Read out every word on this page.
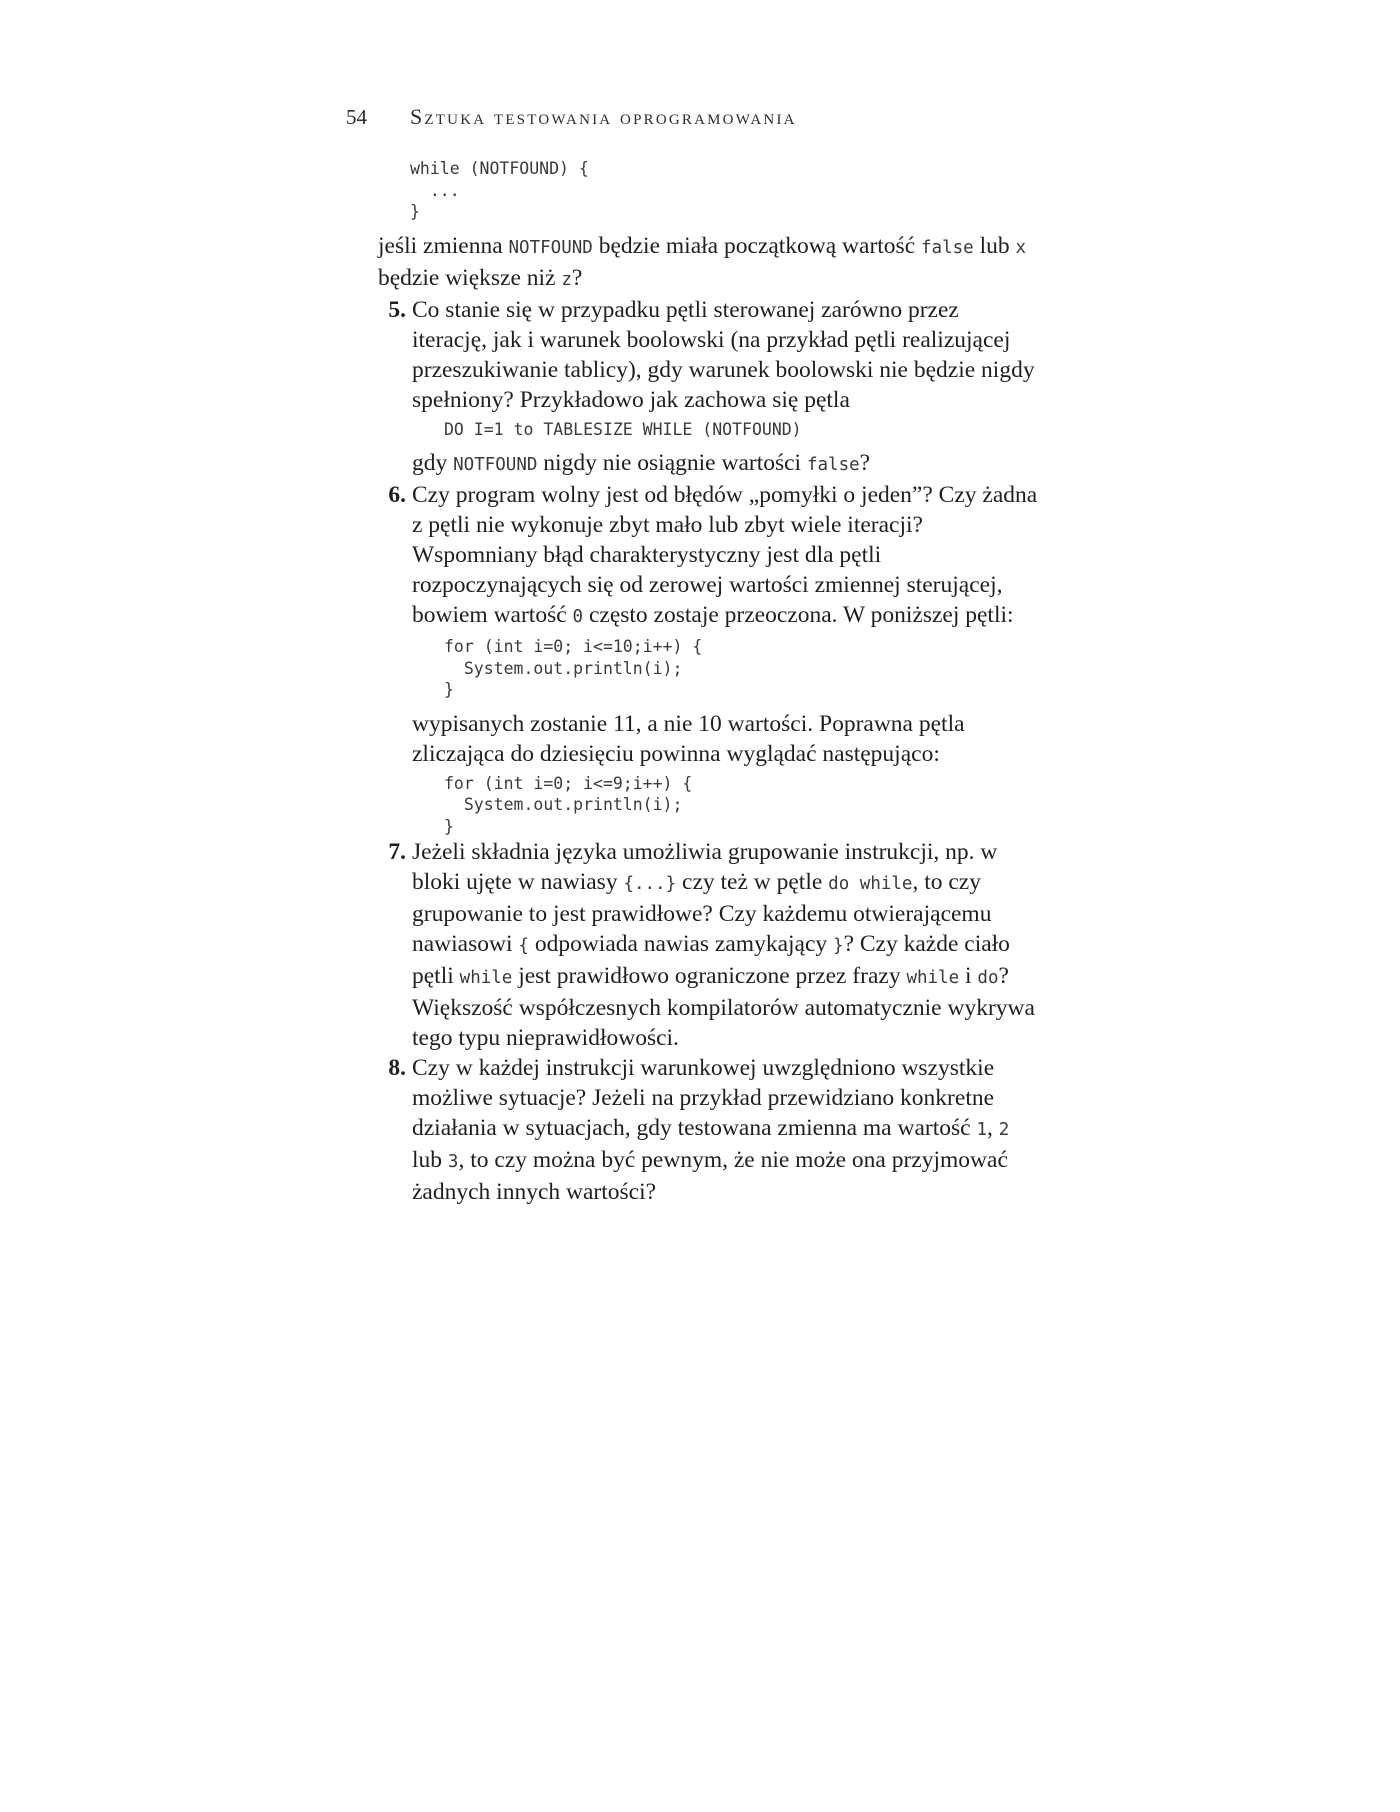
54 Sztuka testowania oprogramowania
while (NOTFOUND) {
...
}

jeśli zmienna NOTFOUND będzie miała początkową wartość false lub x będzie większe niż z?

5. Co stanie się w przypadku pętli sterowanej zarówno przez iterację, jak i warunek boolowski (na przykład pętli realizującej przeszukiwanie tablicy), gdy warunek boolowski nie będzie nigdy spełniony? Przykładowo jak zachowa się pętla

DO I=1 to TABLESIZE WHILE (NOTFOUND)

gdy NOTFOUND nigdy nie osiągnie wartości false?

6. Czy program wolny jest od błędów „pomyłki o jeden”? Czy żadna z pętli nie wykonuje zbyt mało lub zbyt wiele iteracji? Wspomniany błąd charakterystyczny jest dla pętli rozpoczynających się od zerowej wartości zmiennej sterującej, bowiem wartość 0 często zostaje przeoczona. W poniższej pętli:

for (int i=0; i<=10;i++) {
System.out.println(i);
}

wypisanych zostanie 11, a nie 10 wartości. Poprawna pętla zliczająca do dziesięciu powinna wyglądać następująco:

for (int i=0; i<=9;i++) {
System.out.println(i);
}
7. Jeżeli składnia języka umożliwia grupowanie instrukcji, np. w bloki ujęte w nawiasy {...} czy też w pętle do while, to czy grupowanie to jest prawidłowe? Czy każdemu otwierającemu nawiasowi { odpowiada nawias zamykający }? Czy każde ciało pętli while jest prawidłowo ograniczone przez frazy while i do? Większość współczesnych kompilatorów automatycznie wykrywa tego typu nieprawidłowości.

8. Czy w każdej instrukcji warunkowej uwzględniono wszystkie możliwe sytuacje? Jeżeli na przykład przewidziano konkretne działania w sytuacjach, gdy testowana zmienna ma wartość 1, 2 lub 3, to czy można być pewnym, że nie może ona przyjmować żadnych innych wartości?
